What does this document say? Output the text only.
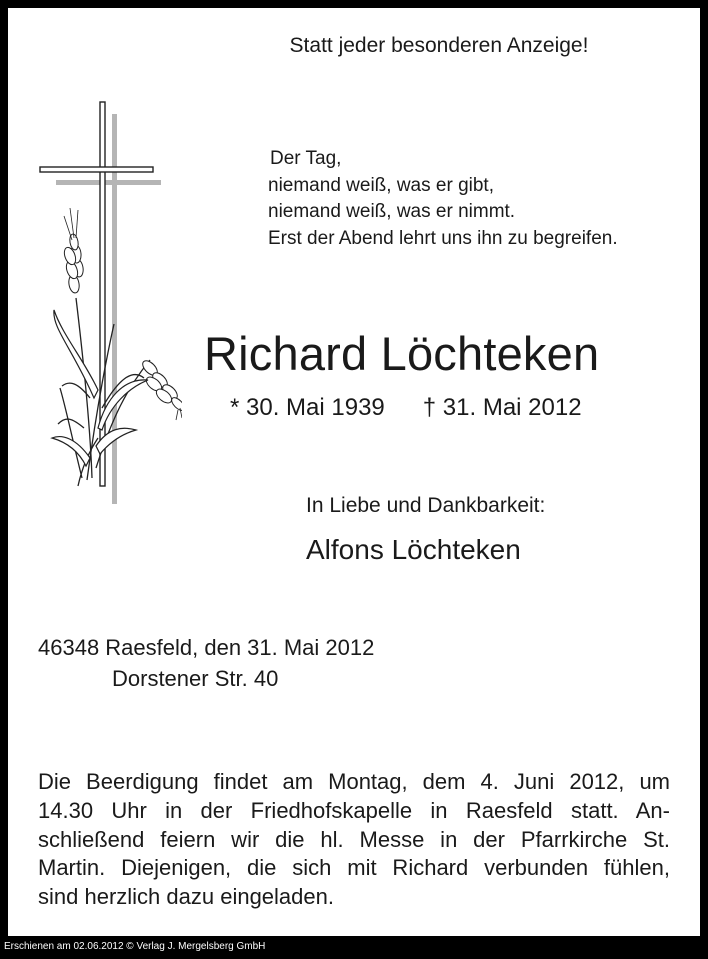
Statt jeder besonderen Anzeige!
Der Tag,
niemand weiß, was er gibt,
niemand weiß, was er nimmt.
Erst der Abend lehrt uns ihn zu begreifen.
Richard Löchteken
* 30. Mai 1939 † 31. Mai 2012
In Liebe und Dankbarkeit:
Alfons Löchteken
46348 Raesfeld, den 31. Mai 2012
Dorstener Str. 40
Die Beerdigung findet am Montag, dem 4. Juni 2012, um
14.30 Uhr in der Friedhofskapelle in Raesfeld statt. An-
schließend feiern wir die hl. Messe in der Pfarrkirche St.
Martin. Diejenigen, die sich mit Richard verbunden fühlen,
sind herzlich dazu eingeladen.
Erschienen am 02.06.2012 © Verlag J. Mergelsberg GmbH
